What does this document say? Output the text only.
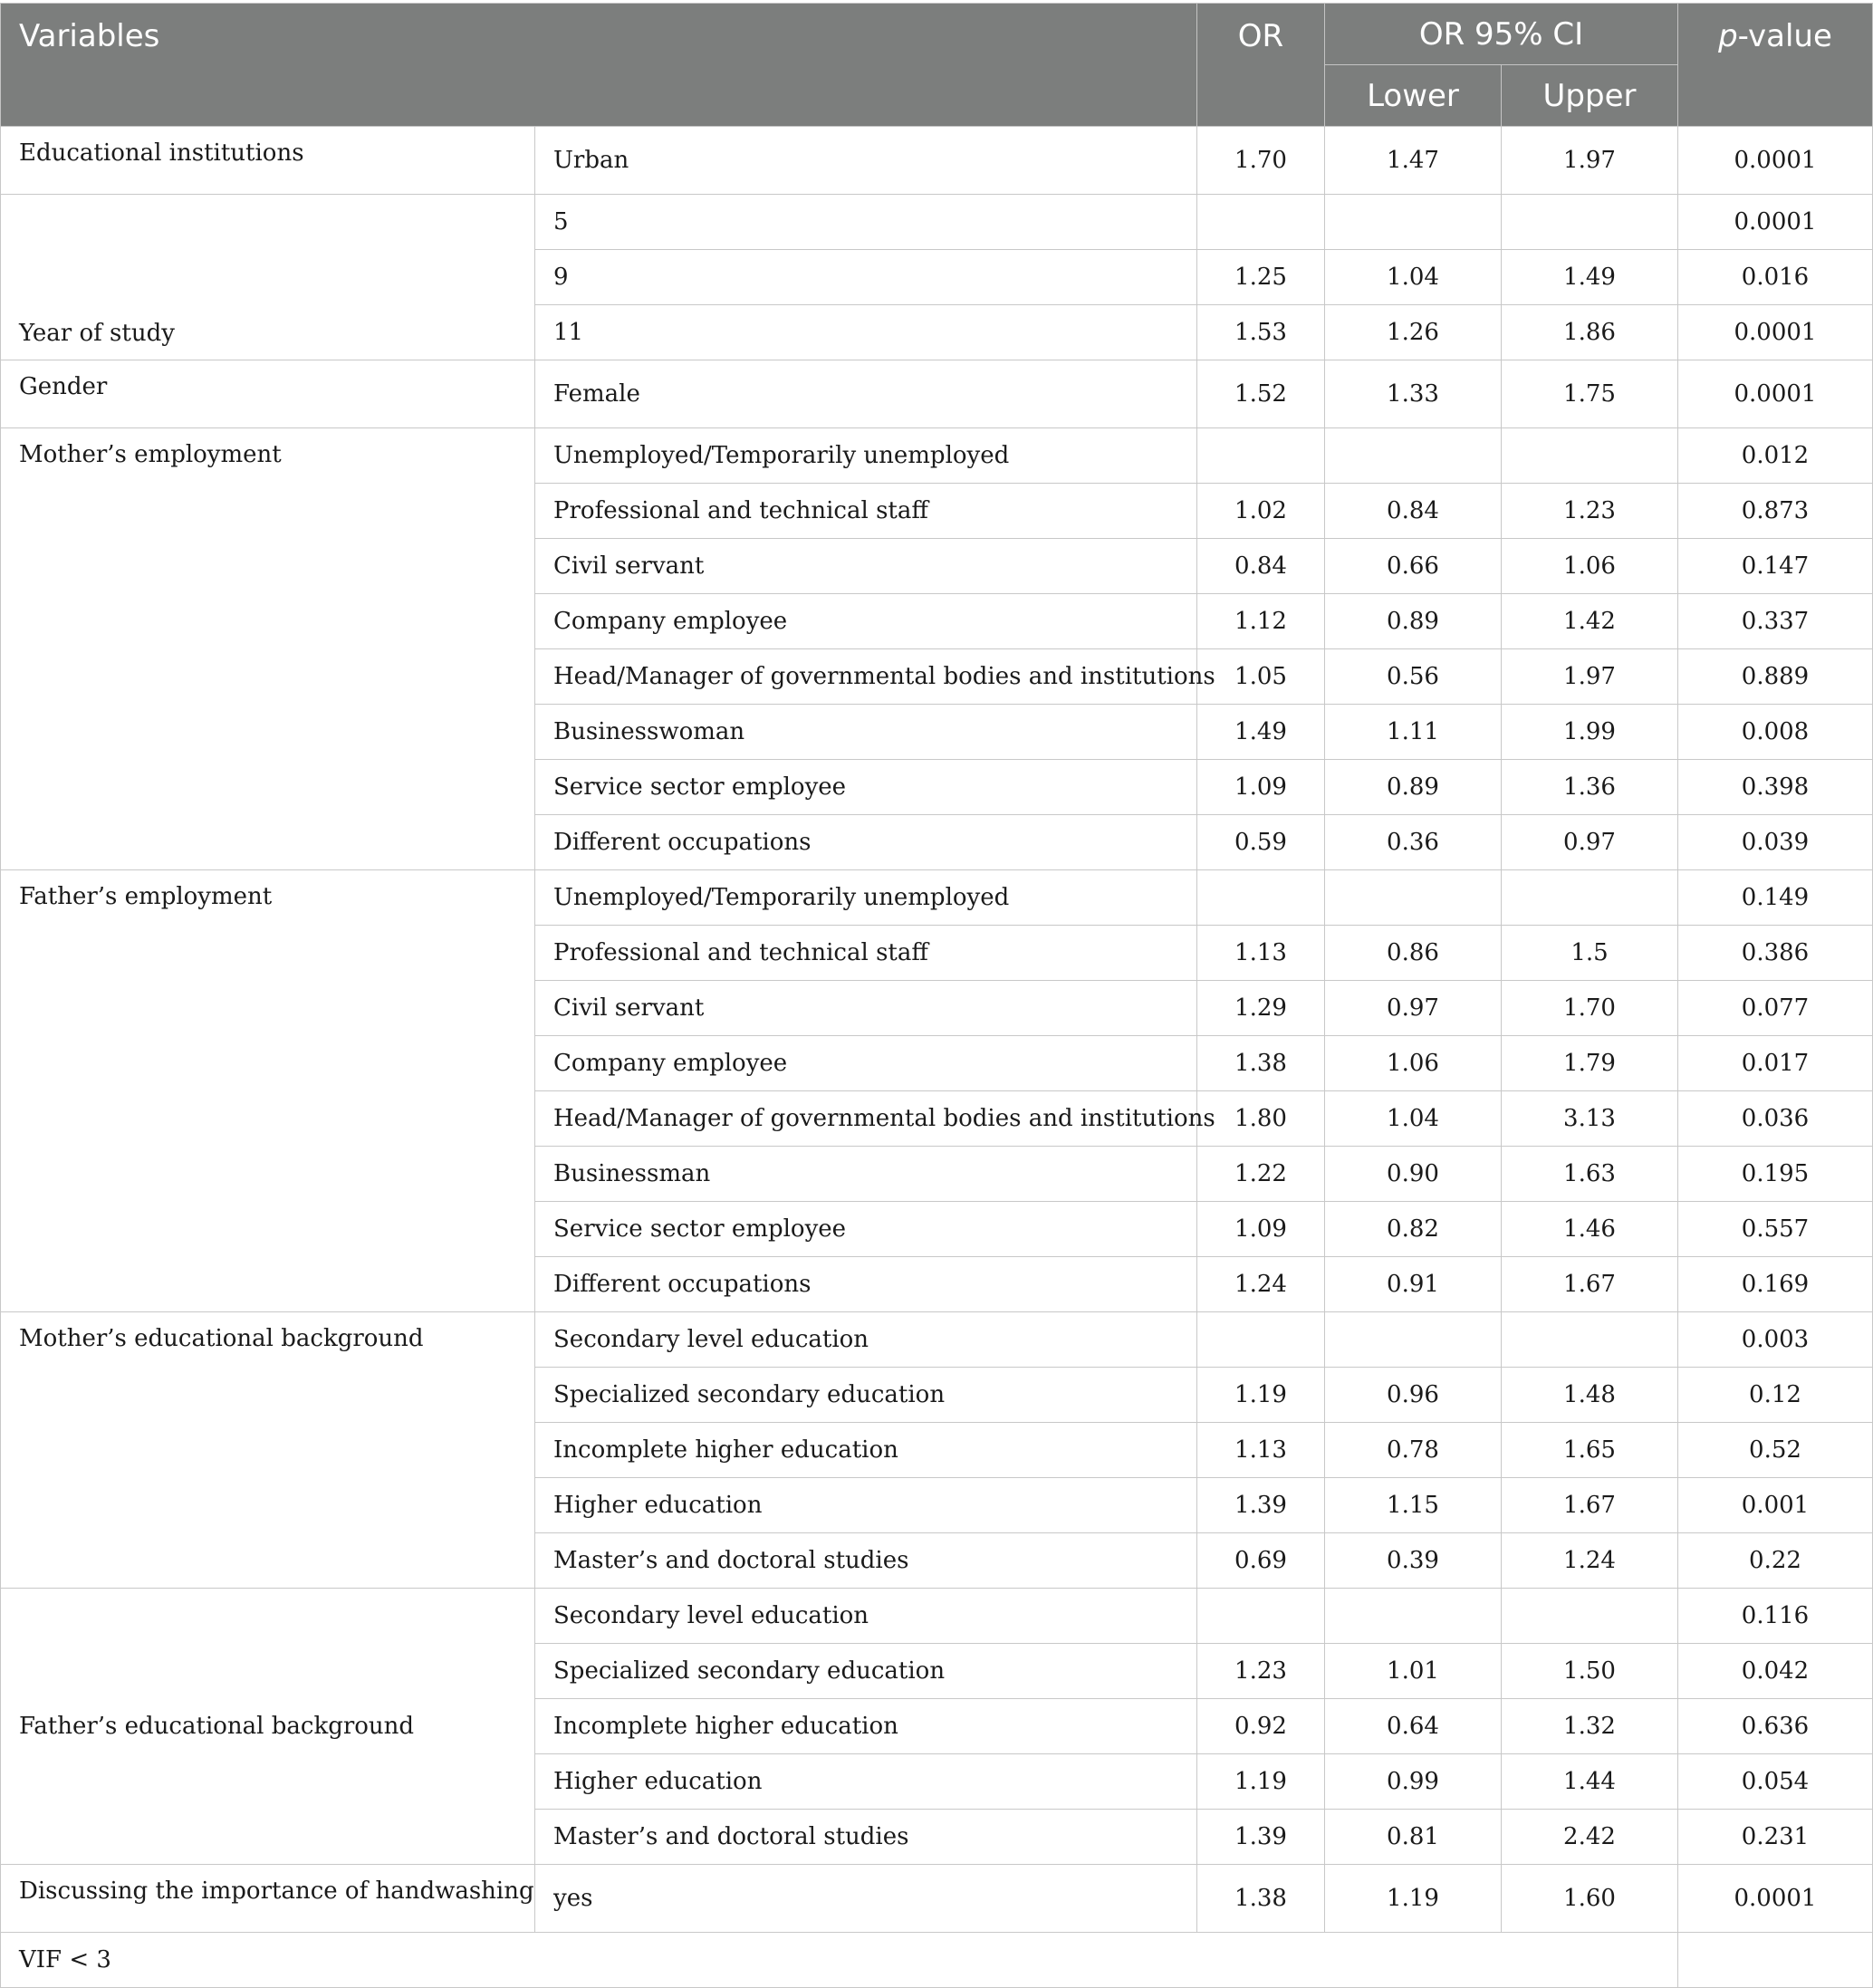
Variables		OR	OR 95% CI		p-value
			Lower	Upper	
Educational institutions	Urban	1.70	1.47	1.97	0.0001
Year of study	5				0.0001
	9	1.25	1.04	1.49	0.016
	11	1.53	1.26	1.86	0.0001
Gender	Female	1.52	1.33	1.75	0.0001
Mother’s employment	Unemployed/Temporarily unemployed				0.012
	Professional and technical staff	1.02	0.84	1.23	0.873
	Civil servant	0.84	0.66	1.06	0.147
	Company employee	1.12	0.89	1.42	0.337
	Head/Manager of governmental bodies and institutions	1.05	0.56	1.97	0.889
	Businesswoman	1.49	1.11	1.99	0.008
	Service sector employee	1.09	0.89	1.36	0.398
	Different occupations	0.59	0.36	0.97	0.039
Father’s employment	Unemployed/Temporarily unemployed				0.149
	Professional and technical staff	1.13	0.86	1.5	0.386
	Civil servant	1.29	0.97	1.70	0.077
	Company employee	1.38	1.06	1.79	0.017
	Head/Manager of governmental bodies and institutions	1.80	1.04	3.13	0.036
	Businessman	1.22	0.90	1.63	0.195
	Service sector employee	1.09	0.82	1.46	0.557
	Different occupations	1.24	0.91	1.67	0.169
Mother’s educational background	Secondary level education				0.003
	Specialized secondary education	1.19	0.96	1.48	0.12
	Incomplete higher education	1.13	0.78	1.65	0.52
	Higher education	1.39	1.15	1.67	0.001
	Master’s and doctoral studies	0.69	0.39	1.24	0.22
Father’s educational background	Secondary level education				0.116
	Specialized secondary education	1.23	1.01	1.50	0.042
	Incomplete higher education	0.92	0.64	1.32	0.636
	Higher education	1.19	0.99	1.44	0.054
	Master’s and doctoral studies	1.39	0.81	2.42	0.231
Discussing the importance of handwashing	yes	1.38	1.19	1.60	0.0001
VIF < 3					
